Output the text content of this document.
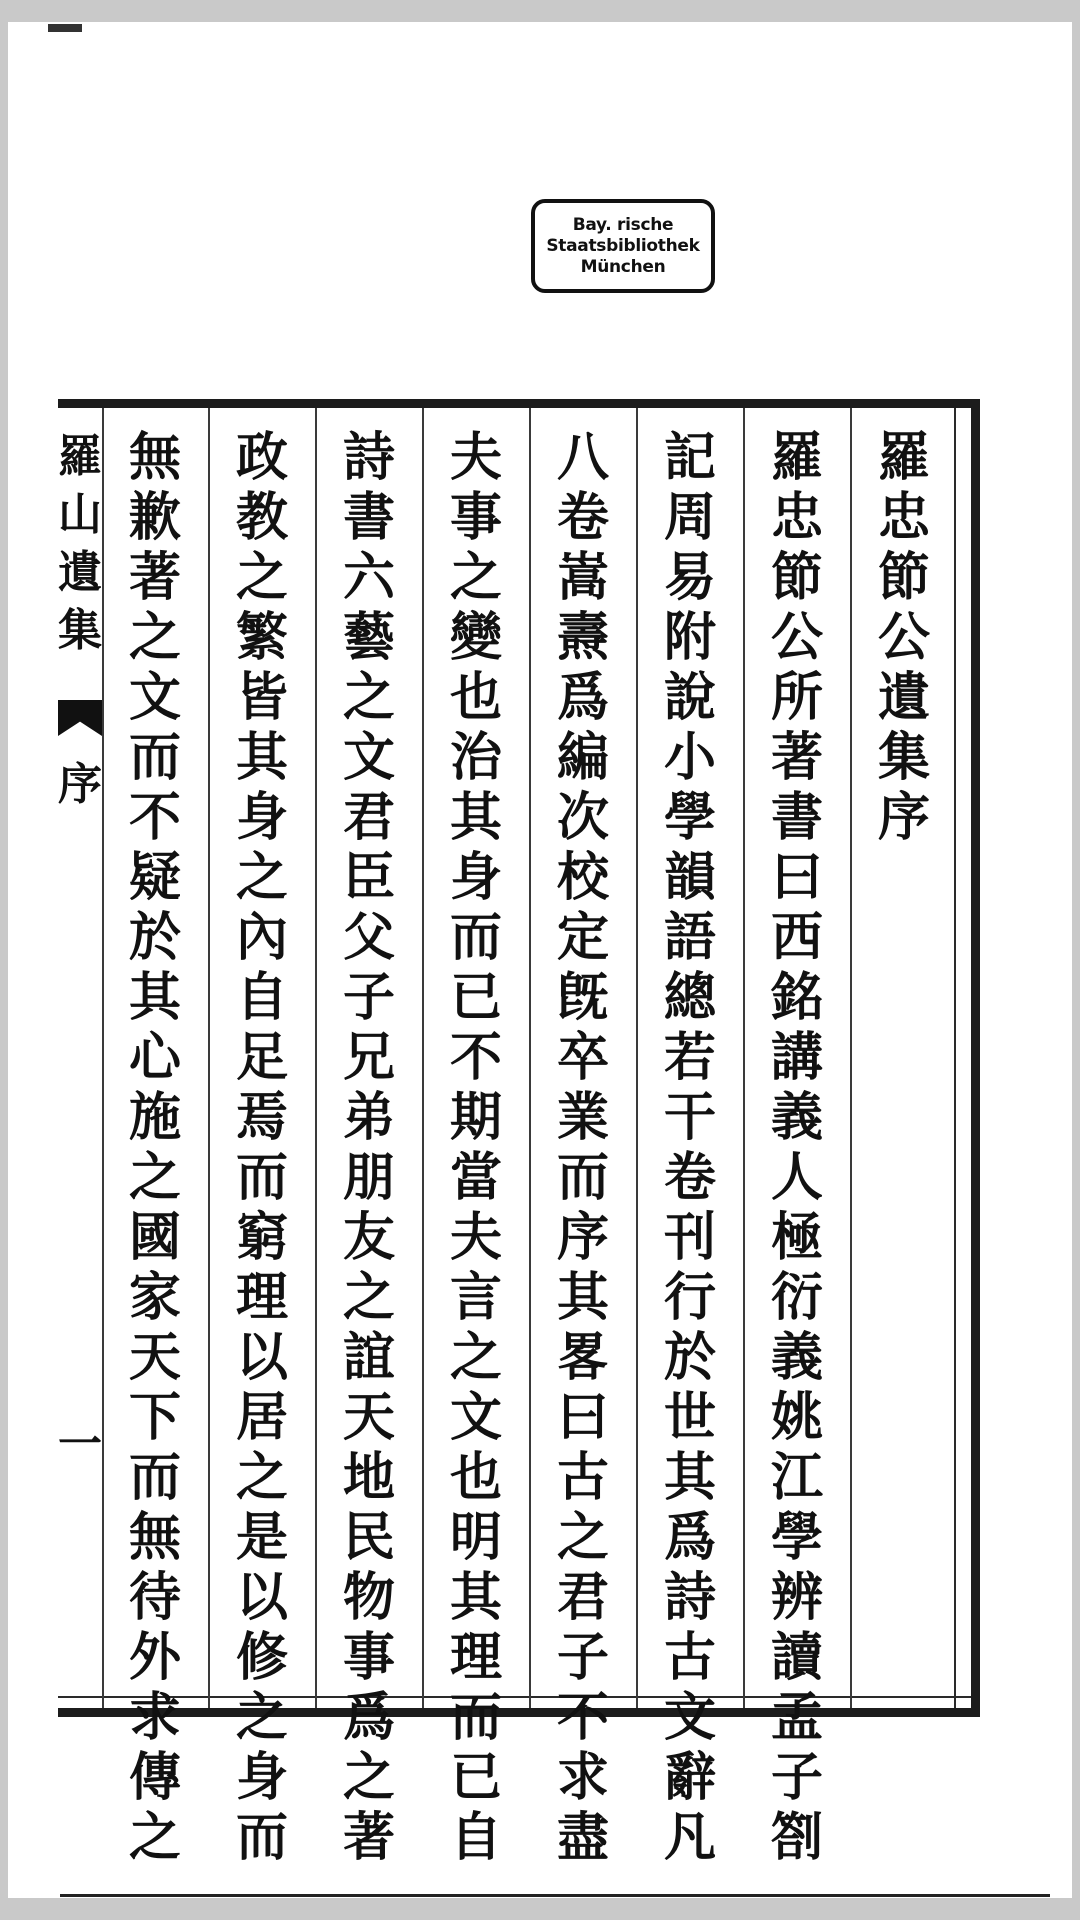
Bay. rische
Staatsbibliothek
München
羅
山
遺
集
序
一
羅
忠
節
公
遺
集
序
羅
忠
節
公
所
著
書
曰
西
銘
講
義
人
極
衍
義
姚
江
學
辨
讀
孟
子
劄
記
周
易
附
說
小
學
韻
語
總
若
干
卷
刊
行
於
世
其
爲
詩
古
文
辭
凡
八
卷
嵩
燾
爲
編
次
校
定
旣
卒
業
而
序
其
畧
曰
古
之
君
子
不
求
盡
夫
事
之
變
也
治
其
身
而
已
不
期
當
夫
言
之
文
也
明
其
理
而
已
自
詩
書
六
藝
之
文
君
臣
父
子
兄
弟
朋
友
之
誼
天
地
民
物
事
爲
之
著
政
教
之
繁
皆
其
身
之
內
自
足
焉
而
窮
理
以
居
之
是
以
修
之
身
而
無
歉
著
之
文
而
不
疑
於
其
心
施
之
國
家
天
下
而
無
待
外
求
傳
之
